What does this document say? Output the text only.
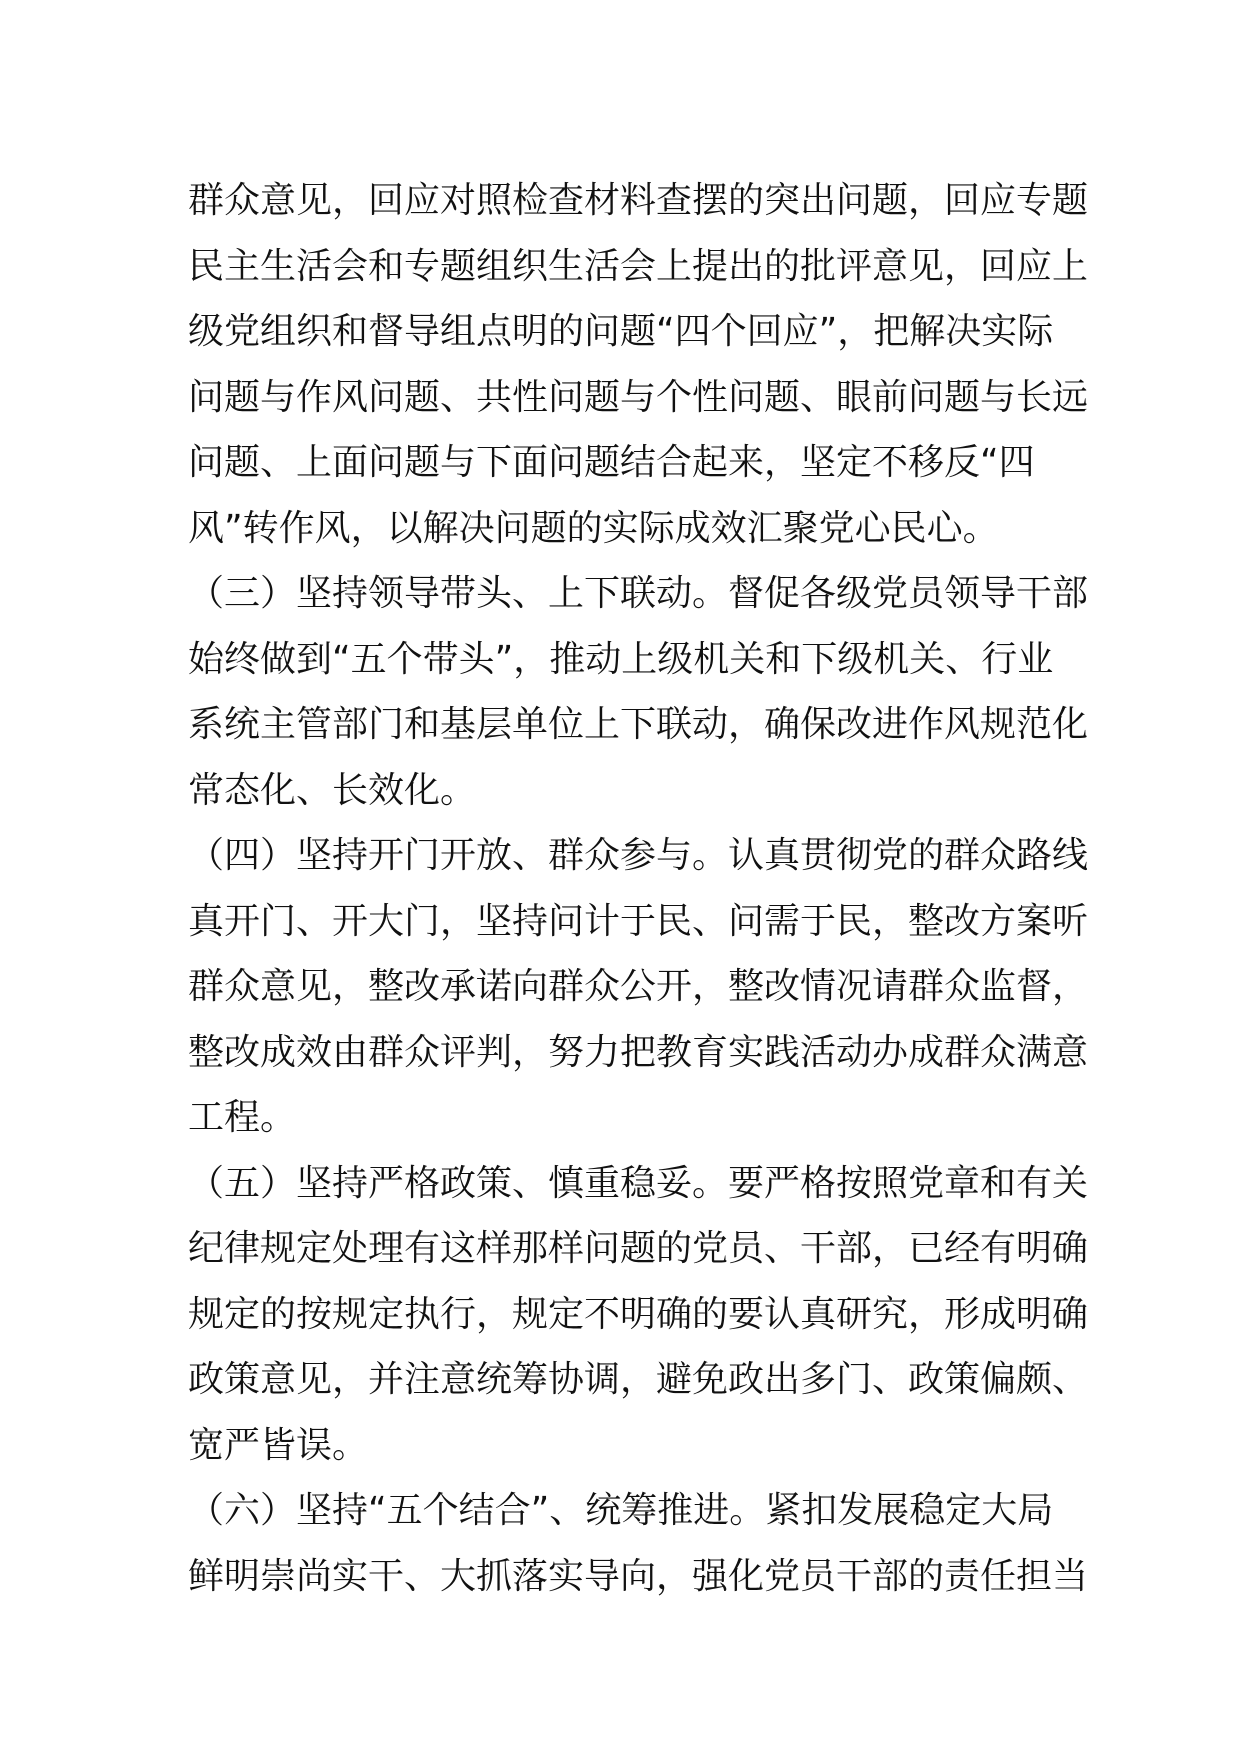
群众意见，回应对照检查材料查摆的突出问题，回应专题
民主生活会和专题组织生活会上提出的批评意见，回应上
级党组织和督导组点明的问题“四个回应”，把解决实际
问题与作风问题、共性问题与个性问题、眼前问题与长远
问题、上面问题与下面问题结合起来，坚定不移反“四
风”转作风，以解决问题的实际成效汇聚党心民心。
（三）坚持领导带头、上下联动。督促各级党员领导干部
始终做到“五个带头”，推动上级机关和下级机关、行业
系统主管部门和基层单位上下联动，确保改进作风规范化
常态化、长效化。
（四）坚持开门开放、群众参与。认真贯彻党的群众路线
真开门、开大门，坚持问计于民、问需于民，整改方案听
群众意见，整改承诺向群众公开，整改情况请群众监督，
整改成效由群众评判，努力把教育实践活动办成群众满意
工程。
（五）坚持严格政策、慎重稳妥。要严格按照党章和有关
纪律规定处理有这样那样问题的党员、干部，已经有明确
规定的按规定执行，规定不明确的要认真研究，形成明确
政策意见，并注意统筹协调，避免政出多门、政策偏颇、
宽严皆误。
（六）坚持“五个结合”、统筹推进。紧扣发展稳定大局
鲜明崇尚实干、大抓落实导向，强化党员干部的责任担当
